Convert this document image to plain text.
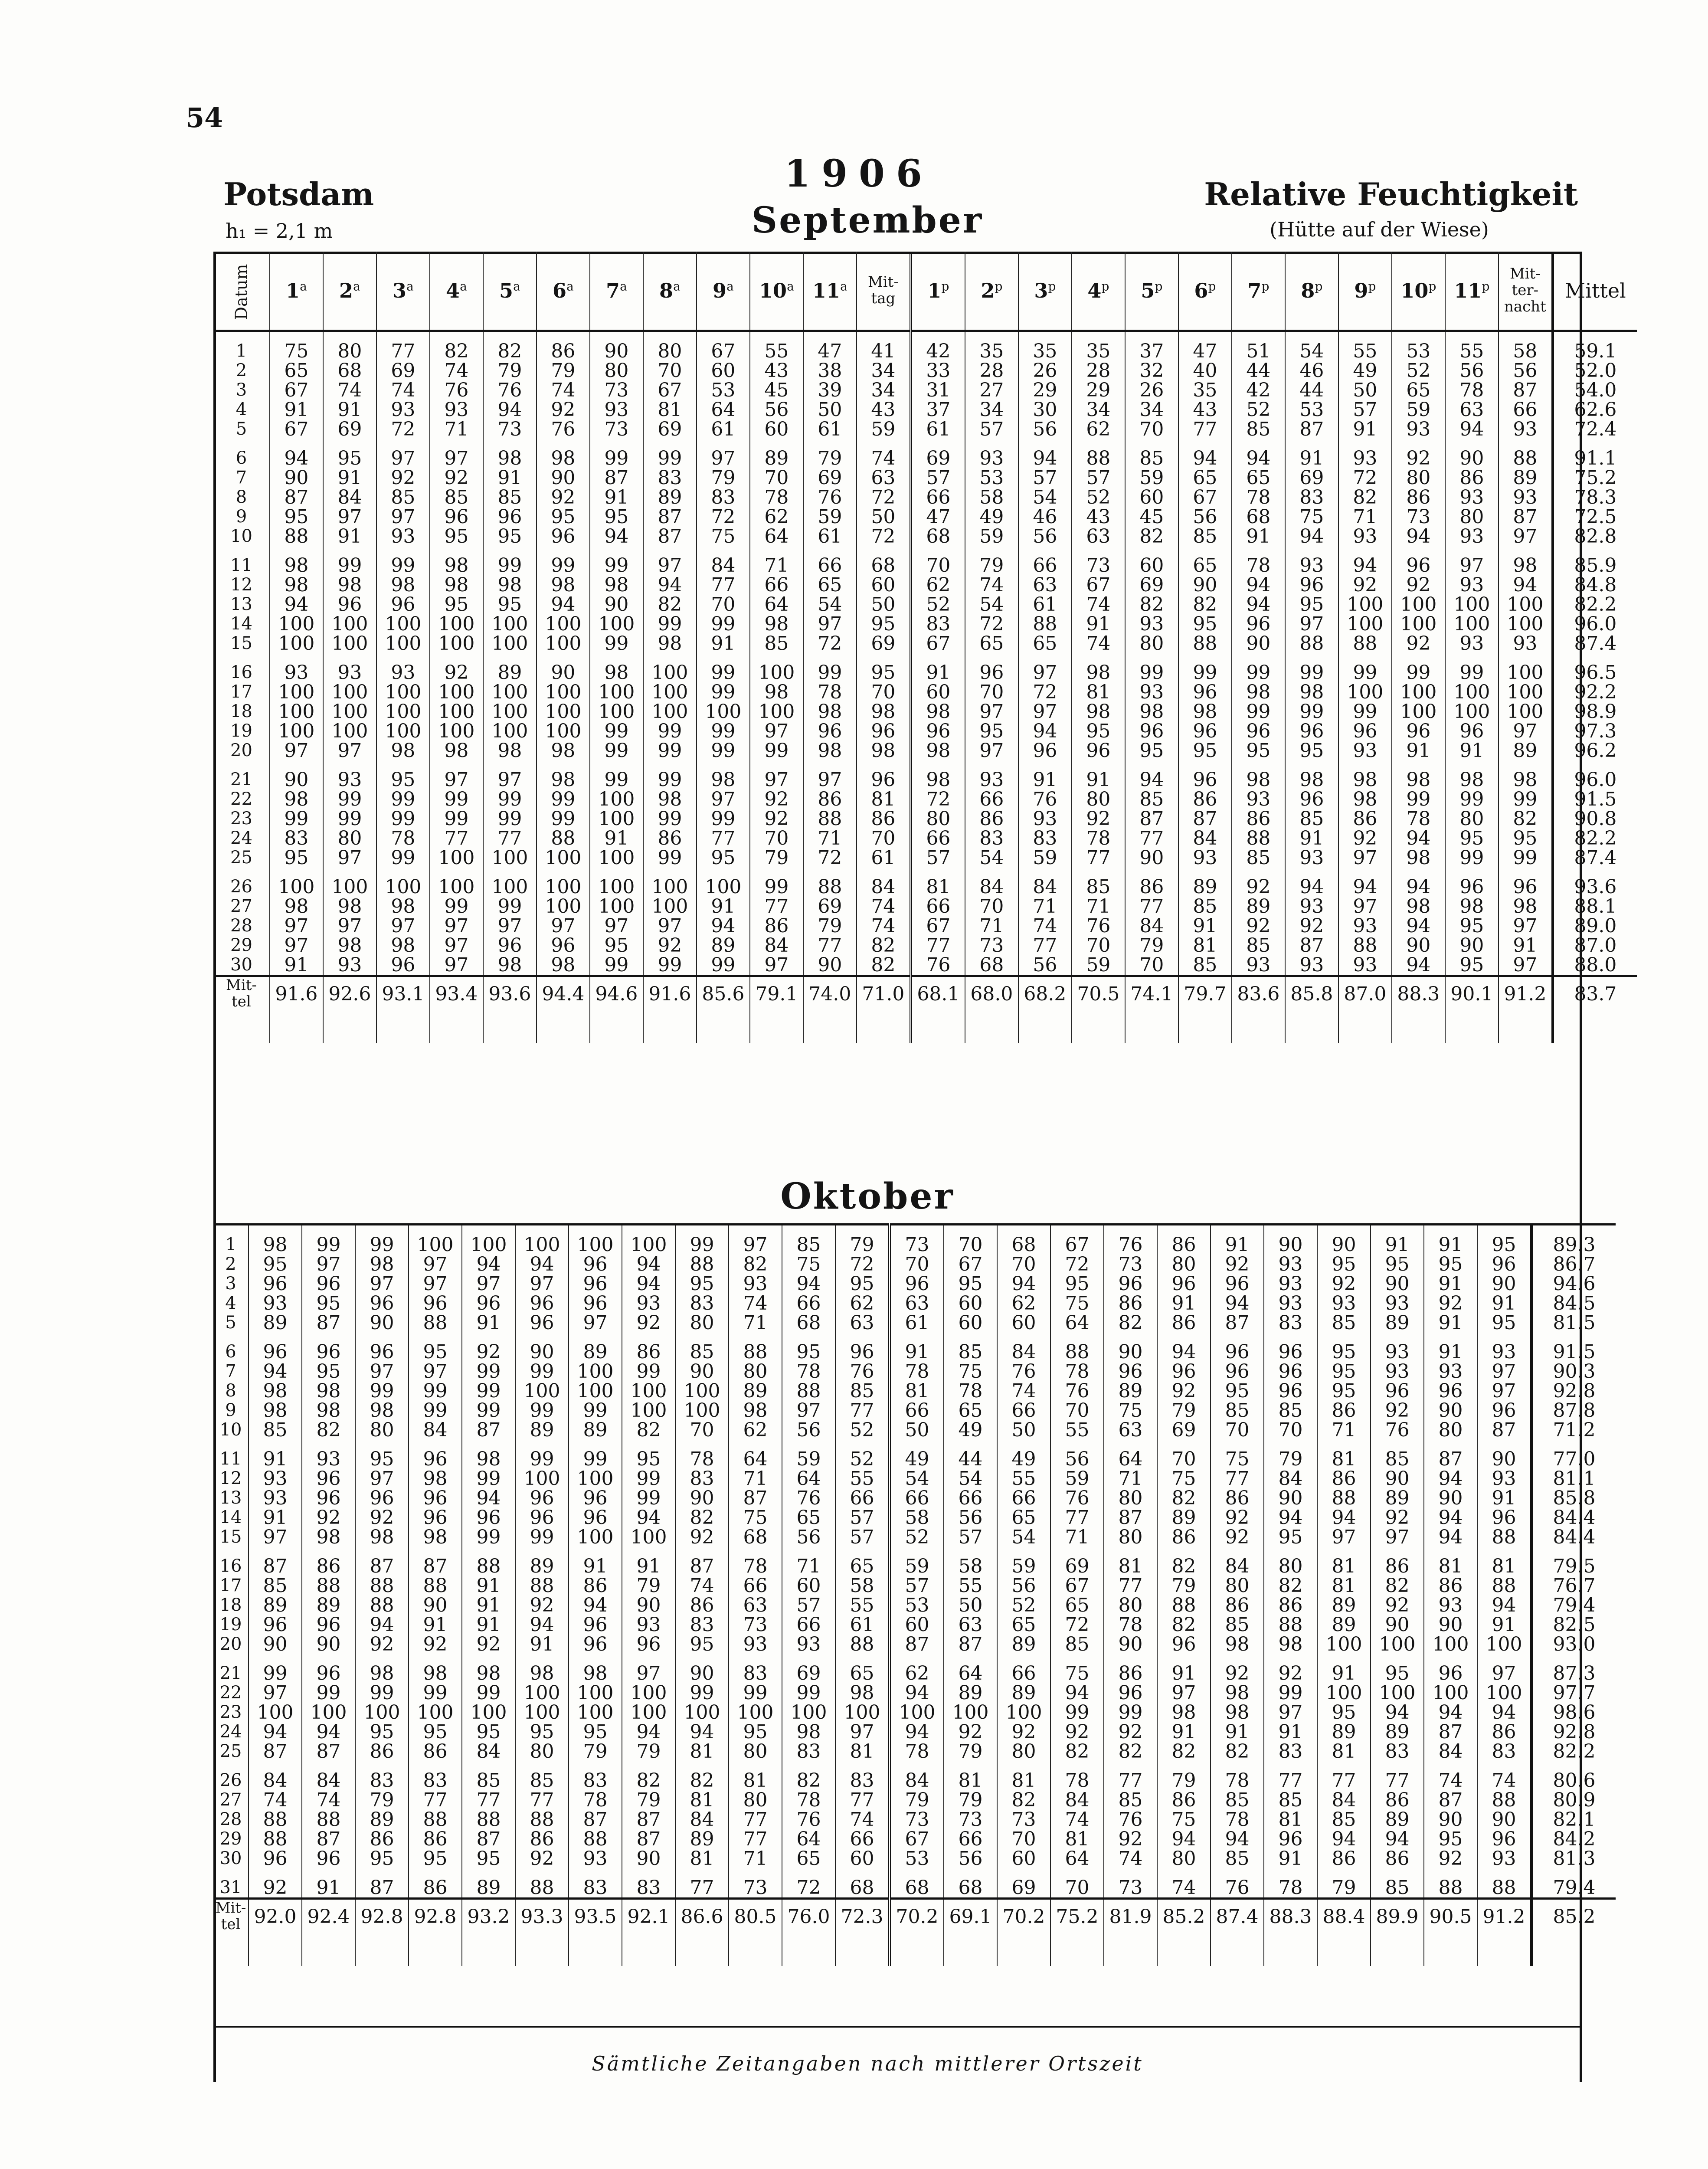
54
Potsdam
h₁ = 2,1 m
1906
September
Relative Feuchtigkeit
(Hütte auf der Wiese)
Datum	1$^a$	2$^a$	3$^a$	4$^a$	5$^a$	6$^a$	7$^a$	8$^a$	9$^a$	10$^a$	11$^a$	Mit-
tag	1$^p$	2$^p$	3$^p$	4$^p$	5$^p$	6$^p$	7$^p$	8$^p$	9$^p$	10$^p$	11$^p$	Mit-
ter-
nacht	Mittel

1	75	80	77	82	82	86	90	80	67	55	47	41	42	35	35	35	37	47	51	54	55	53	55	58	59.1
2	65	68	69	74	79	79	80	70	60	43	38	34	33	28	26	28	32	40	44	46	49	52	56	56	52.0
3	67	74	74	76	76	74	73	67	53	45	39	34	31	27	29	29	26	35	42	44	50	65	78	87	54.0
4	91	91	93	93	94	92	93	81	64	56	50	43	37	34	30	34	34	43	52	53	57	59	63	66	62.6
5	67	69	72	71	73	76	73	69	61	60	61	59	61	57	56	62	70	77	85	87	91	93	94	93	72.4

6	94	95	97	97	98	98	99	99	97	89	79	74	69	93	94	88	85	94	94	91	93	92	90	88	91.1
7	90	91	92	92	91	90	87	83	79	70	69	63	57	53	57	57	59	65	65	69	72	80	86	89	75.2
8	87	84	85	85	85	92	91	89	83	78	76	72	66	58	54	52	60	67	78	83	82	86	93	93	78.3
9	95	97	97	96	96	95	95	87	72	62	59	50	47	49	46	43	45	56	68	75	71	73	80	87	72.5
10	88	91	93	95	95	96	94	87	75	64	61	72	68	59	56	63	82	85	91	94	93	94	93	97	82.8

11	98	99	99	98	99	99	99	97	84	71	66	68	70	79	66	73	60	65	78	93	94	96	97	98	85.9
12	98	98	98	98	98	98	98	94	77	66	65	60	62	74	63	67	69	90	94	96	92	92	93	94	84.8
13	94	96	96	95	95	94	90	82	70	64	54	50	52	54	61	74	82	82	94	95	100	100	100	100	82.2
14	100	100	100	100	100	100	100	99	99	98	97	95	83	72	88	91	93	95	96	97	100	100	100	100	96.0
15	100	100	100	100	100	100	99	98	91	85	72	69	67	65	65	74	80	88	90	88	88	92	93	93	87.4

16	93	93	93	92	89	90	98	100	99	100	99	95	91	96	97	98	99	99	99	99	99	99	99	100	96.5
17	100	100	100	100	100	100	100	100	99	98	78	70	60	70	72	81	93	96	98	98	100	100	100	100	92.2
18	100	100	100	100	100	100	100	100	100	100	98	98	98	97	97	98	98	98	99	99	99	100	100	100	98.9
19	100	100	100	100	100	100	99	99	99	97	96	96	96	95	94	95	96	96	96	96	96	96	96	97	97.3
20	97	97	98	98	98	98	99	99	99	99	98	98	98	97	96	96	95	95	95	95	93	91	91	89	96.2

21	90	93	95	97	97	98	99	99	98	97	97	96	98	93	91	91	94	96	98	98	98	98	98	98	96.0
22	98	99	99	99	99	99	100	98	97	92	86	81	72	66	76	80	85	86	93	96	98	99	99	99	91.5
23	99	99	99	99	99	99	100	99	99	92	88	86	80	86	93	92	87	87	86	85	86	78	80	82	90.8
24	83	80	78	77	77	88	91	86	77	70	71	70	66	83	83	78	77	84	88	91	92	94	95	95	82.2
25	95	97	99	100	100	100	100	99	95	79	72	61	57	54	59	77	90	93	85	93	97	98	99	99	87.4

26	100	100	100	100	100	100	100	100	100	99	88	84	81	84	84	85	86	89	92	94	94	94	96	96	93.6
27	98	98	98	99	99	100	100	100	91	77	69	74	66	70	71	71	77	85	89	93	97	98	98	98	88.1
28	97	97	97	97	97	97	97	97	94	86	79	74	67	71	74	76	84	91	92	92	93	94	95	97	89.0
29	97	98	98	97	96	96	95	92	89	84	77	82	77	73	77	70	79	81	85	87	88	90	90	91	87.0
30	91	93	96	97	98	98	99	99	99	97	90	82	76	68	56	59	70	85	93	93	93	94	95	97	88.0
Mit-
tel	91.6	92.6	93.1	93.4	93.6	94.4	94.6	91.6	85.6	79.1	74.0	71.0	68.1	68.0	68.2	70.5	74.1	79.7	83.6	85.8	87.0	88.3	90.1	91.2	83.7

Oktober

1	98	99	99	100	100	100	100	100	99	97	85	79	73	70	68	67	76	86	91	90	90	91	91	95	89.3
2	95	97	98	97	94	94	96	94	88	82	75	72	70	67	70	72	73	80	92	93	95	95	95	96	86.7
3	96	96	97	97	97	97	96	94	95	93	94	95	96	95	94	95	96	96	96	93	92	90	91	90	94.6
4	93	95	96	96	96	96	96	93	83	74	66	62	63	60	62	75	86	91	94	93	93	93	92	91	84.5
5	89	87	90	88	91	96	97	92	80	71	68	63	61	60	60	64	82	86	87	83	85	89	91	95	81.5

6	96	96	96	95	92	90	89	86	85	88	95	96	91	85	84	88	90	94	96	96	95	93	91	93	91.5
7	94	95	97	97	99	99	100	99	90	80	78	76	78	75	76	78	96	96	96	96	95	93	93	97	90.3
8	98	98	99	99	99	100	100	100	100	89	88	85	81	78	74	76	89	92	95	96	95	96	96	97	92.8
9	98	98	98	99	99	99	99	100	100	98	97	77	66	65	66	70	75	79	85	85	86	92	90	96	87.8
10	85	82	80	84	87	89	89	82	70	62	56	52	50	49	50	55	63	69	70	70	71	76	80	87	71.2

11	91	93	95	96	98	99	99	95	78	64	59	52	49	44	49	56	64	70	75	79	81	85	87	90	77.0
12	93	96	97	98	99	100	100	99	83	71	64	55	54	54	55	59	71	75	77	84	86	90	94	93	81.1
13	93	96	96	96	94	96	96	99	90	87	76	66	66	66	66	76	80	82	86	90	88	89	90	91	85.8
14	91	92	92	96	96	96	96	94	82	75	65	57	58	56	65	77	87	89	92	94	94	92	94	96	84.4
15	97	98	98	98	99	99	100	100	92	68	56	57	52	57	54	71	80	86	92	95	97	97	94	88	84.4

16	87	86	87	87	88	89	91	91	87	78	71	65	59	58	59	69	81	82	84	80	81	86	81	81	79.5
17	85	88	88	88	91	88	86	79	74	66	60	58	57	55	56	67	77	79	80	82	81	82	86	88	76.7
18	89	89	88	90	91	92	94	90	86	63	57	55	53	50	52	65	80	88	86	86	89	92	93	94	79.4
19	96	96	94	91	91	94	96	93	83	73	66	61	60	63	65	72	78	82	85	88	89	90	90	91	82.5
20	90	90	92	92	92	91	96	96	95	93	93	88	87	87	89	85	90	96	98	98	100	100	100	100	93.0

21	99	96	98	98	98	98	98	97	90	83	69	65	62	64	66	75	86	91	92	92	91	95	96	97	87.3
22	97	99	99	99	99	100	100	100	99	99	99	98	94	89	89	94	96	97	98	99	100	100	100	100	97.7
23	100	100	100	100	100	100	100	100	100	100	100	100	100	100	100	99	99	98	98	97	95	94	94	94	98.6
24	94	94	95	95	95	95	95	94	94	95	98	97	94	92	92	92	92	91	91	91	89	89	87	86	92.8
25	87	87	86	86	84	80	79	79	81	80	83	81	78	79	80	82	82	82	82	83	81	83	84	83	82.2

26	84	84	83	83	85	85	83	82	82	81	82	83	84	81	81	78	77	79	78	77	77	77	74	74	80.6
27	74	74	79	77	77	77	78	79	81	80	78	77	79	79	82	84	85	86	85	85	84	86	87	88	80.9
28	88	88	89	88	88	88	87	87	84	77	76	74	73	73	73	74	76	75	78	81	85	89	90	90	82.1
29	88	87	86	86	87	86	88	87	89	77	64	66	67	66	70	81	92	94	94	96	94	94	95	96	84.2
30	96	96	95	95	95	92	93	90	81	71	65	60	53	56	60	64	74	80	85	91	86	86	92	93	81.3

31	92	91	87	86	89	88	83	83	77	73	72	68	68	68	69	70	73	74	76	78	79	85	88	88	79.4
Mit-
tel	92.0	92.4	92.8	92.8	93.2	93.3	93.5	92.1	86.6	80.5	76.0	72.3	70.2	69.1	70.2	75.2	81.9	85.2	87.4	88.3	88.4	89.9	90.5	91.2	85.2

Sämtliche Zeitangaben nach mittlerer Ortszeit
